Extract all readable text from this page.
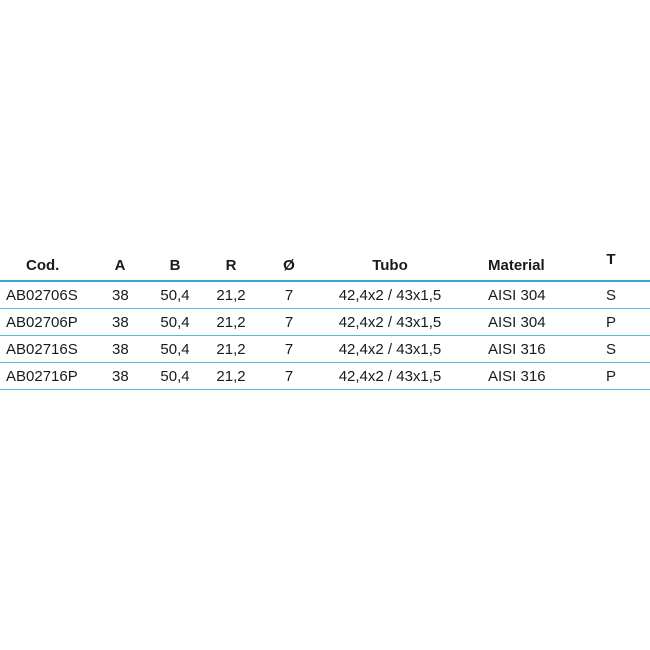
Cod.	A	B	R	Ø	Tubo	Material	T
AB02706S 38 50,4 21,2	7	42,4x2 / 43x1,5	AISI 304	S
AB02706P 38 50,4 21,2	7	42,4x2 / 43x1,5	AISI 304	P
AB02716S 38 50,4 21,2	7	42,4x2 / 43x1,5	AISI 316	S
AB02716P 38 50,4 21,2	7	42,4x2 / 43x1,5	AISI 316	P
